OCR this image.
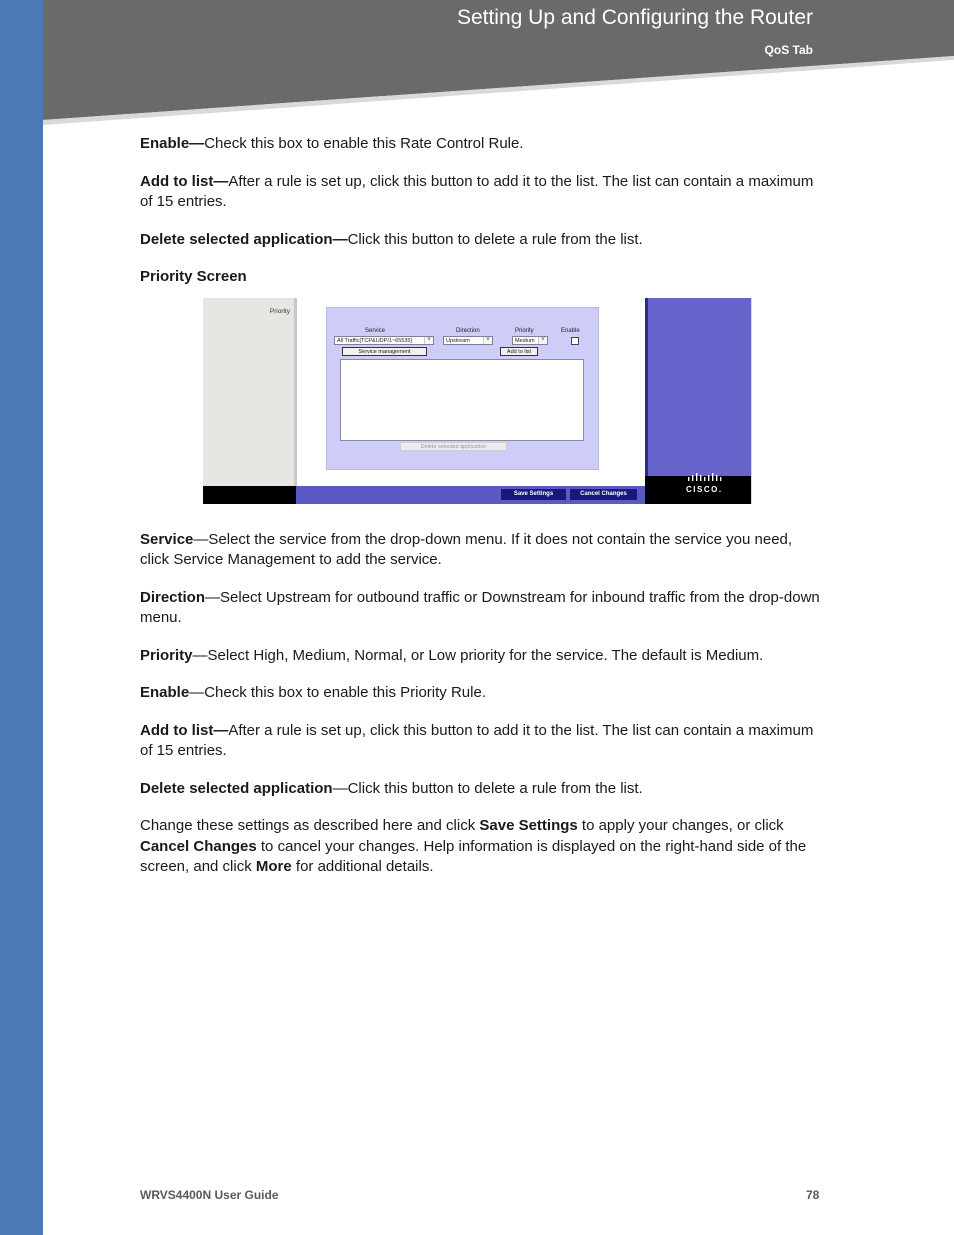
Setting Up and Configuring the Router
QoS Tab

Enable—Check this box to enable this Rate Control Rule.

Add to list—After a rule is set up, click this button to add it to the list. The list can contain a maximum of 15 entries.

Delete selected application—Click this button to delete a rule from the list.

Priority Screen

Priority
CISCO.
Service	Direction	Priority	Enable
All Traffic[TCP&UDP/1~65535]	˅	Upstream	˅	Medium	˅
Service management	Add to list
Delete selected application
Save Settings	Cancel Changes

Service—Select the service from the drop-down menu. If it does not contain the service you need, click Service Management to add the service.

Direction—Select Upstream for outbound traffic or Downstream for inbound traffic from the drop-down menu.

Priority—Select High, Medium, Normal, or Low priority for the service. The default is Medium.

Enable—Check this box to enable this Priority Rule.

Add to list—After a rule is set up, click this button to add it to the list. The list can contain a maximum of 15 entries.

Delete selected application—Click this button to delete a rule from the list.

Change these settings as described here and click Save Settings to apply your changes, or click Cancel Changes to cancel your changes. Help information is displayed on the right-hand side of the screen, and click More for additional details.

WRVS4400N User Guide	78
